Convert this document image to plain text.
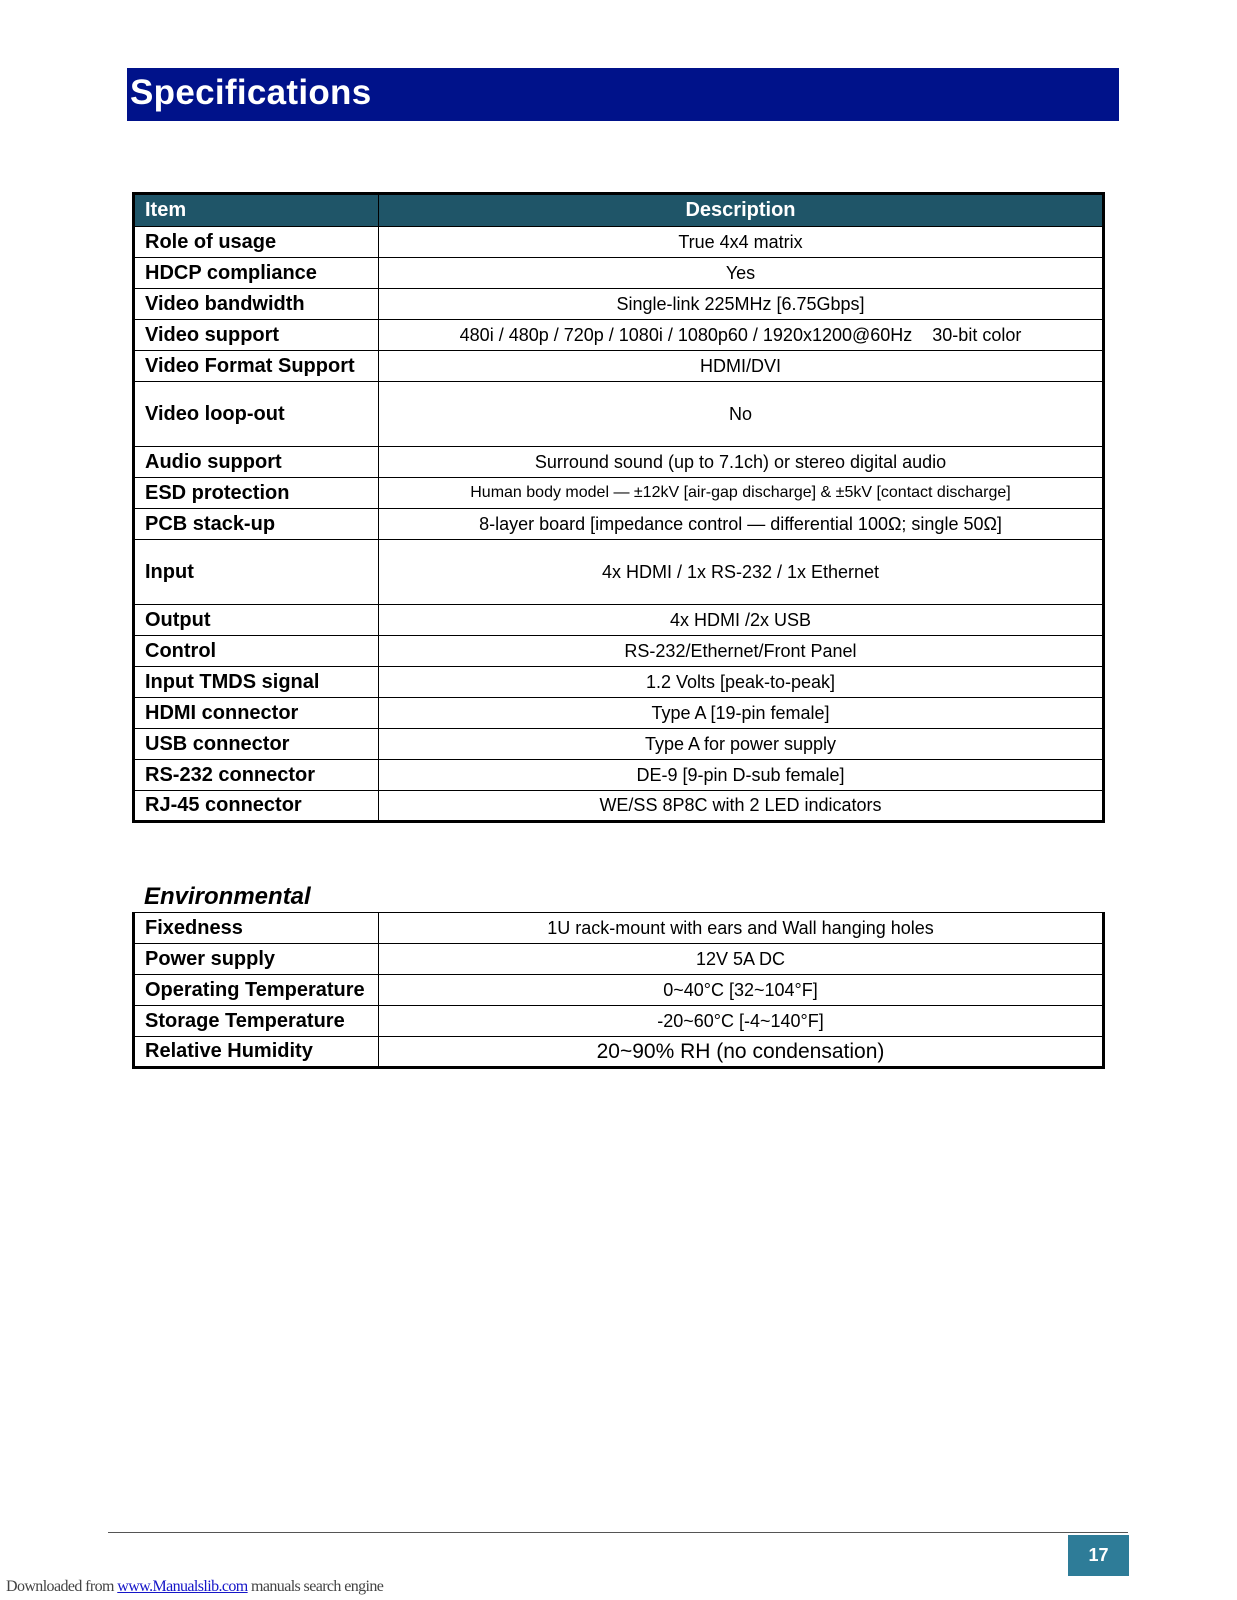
Specifications
Item	Description
Role of usage	True 4x4 matrix
HDCP compliance	Yes
Video bandwidth	Single-link 225MHz [6.75Gbps]
Video support	480i / 480p / 720p / 1080i / 1080p60 / 1920x1200@60Hz    30-bit color
Video Format Support	HDMI/DVI
Video loop-out	No
Audio support	Surround sound (up to 7.1ch) or stereo digital audio
ESD protection	Human body model — ±12kV [air-gap discharge] & ±5kV [contact discharge]
PCB stack-up	8-layer board [impedance control — differential 100Ω; single 50Ω]
Input	4x HDMI / 1x RS-232 / 1x Ethernet
Output	4x HDMI /2x USB
Control	RS-232/Ethernet/Front Panel
Input TMDS signal	1.2 Volts [peak-to-peak]
HDMI connector	Type A [19-pin female]
USB connector	Type A for power supply
RS-232 connector	DE-9 [9-pin D-sub female]
RJ-45 connector	WE/SS 8P8C with 2 LED indicators
Environmental
Fixedness	1U rack-mount with ears and Wall hanging holes
Power supply	12V 5A DC
Operating Temperature	0~40°C [32~104°F]
Storage Temperature	-20~60°C [-4~140°F]
Relative Humidity	20~90% RH (no condensation)
17
Downloaded from www.Manualslib.com manuals search engine
